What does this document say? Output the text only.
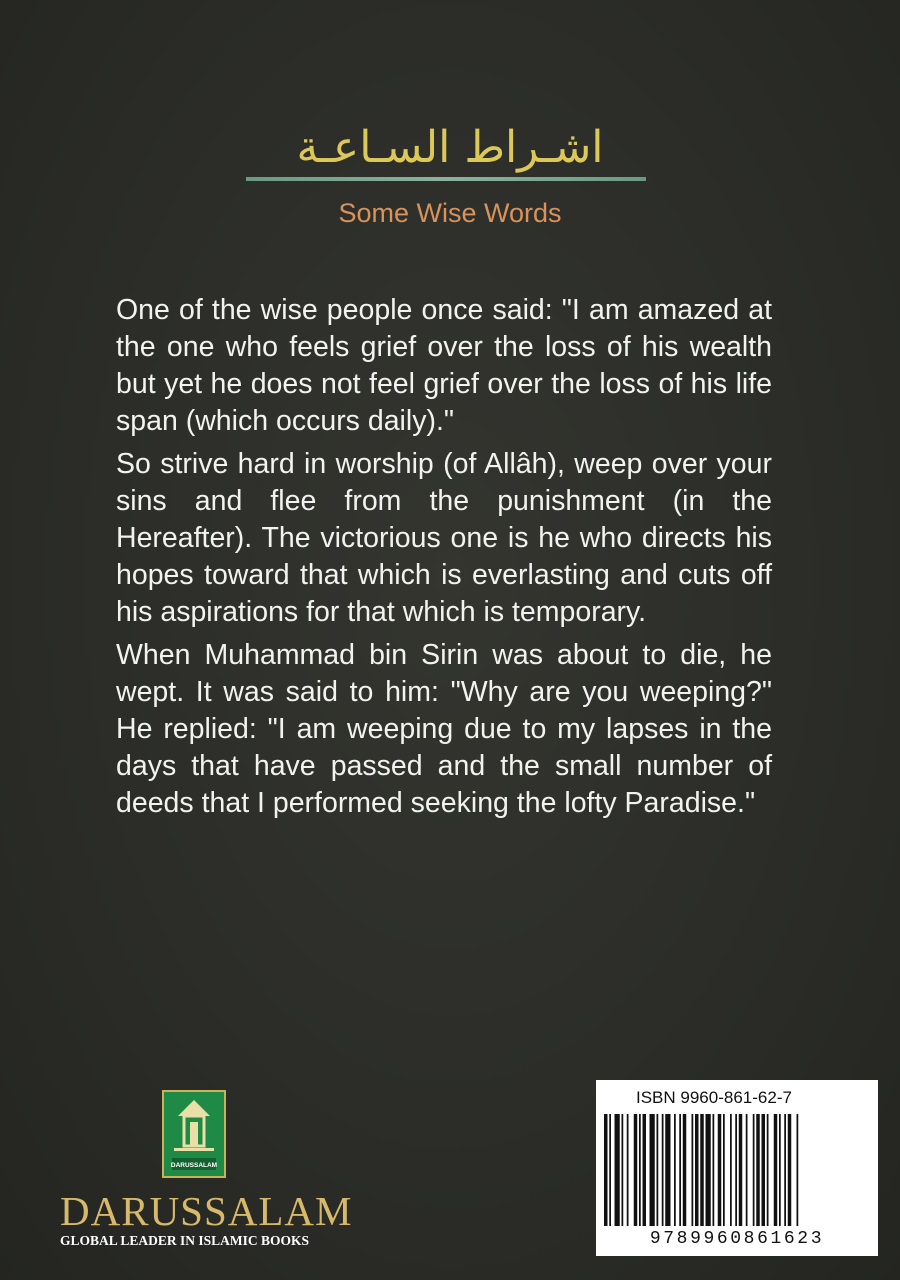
اشـراط السـاعـة
Some Wise Words

One of the wise people once said: "I am amazed at the one who feels grief over the loss of his wealth but yet he does not feel grief over the loss of his life span (which occurs daily)."

So strive hard in worship (of Allâh), weep over your sins and flee from the punishment (in the Hereafter). The victorious one is he who directs his hopes toward that which is everlasting and cuts off his aspirations for that which is temporary.

When Muhammad bin Sirin was about to die, he wept. It was said to him: "Why are you weeping?" He replied: "I am weeping due to my lapses in the days that have passed and the small number of deeds that I performed seeking the lofty Paradise."

DARUSSALAM
DARUSSALAM
GLOBAL LEADER IN ISLAMIC BOOKS
ISBN 9960-861-62-7
9789960861623
